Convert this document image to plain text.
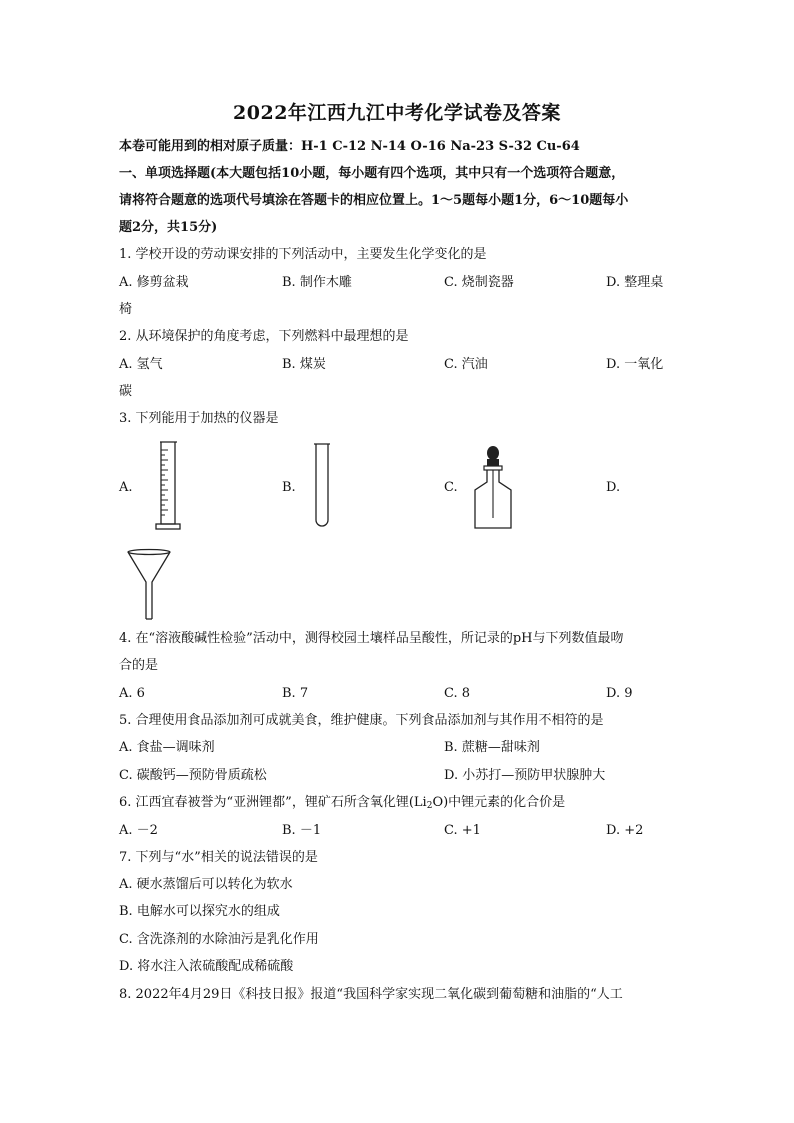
2022年江西九江中考化学试卷及答案
本卷可能用到的相对原子质量：H-1 C-12 N-14 O-16 Na-23 S-32 Cu-64
一、单项选择题(本大题包括10小题，每小题有四个选项，其中只有一个选项符合题意，
请将符合题意的选项代号填涂在答题卡的相应位置上。1～5题每小题1分，6～10题每小
题2分，共15分)
1. 学校开设的劳动课安排的下列活动中，主要发生化学变化的是
A. 修剪盆栽	B. 制作木雕	C. 烧制瓷器	D. 整理桌
椅
2. 从环境保护的角度考虑，下列燃料中最理想的是
A. 氢气	B. 煤炭	C. 汽油	D. 一氧化
碳
3. 下列能用于加热的仪器是
A.	B.	C.	D.
4. 在“溶液酸碱性检验”活动中，测得校园土壤样品呈酸性，所记录的pH与下列数值最吻
合的是
A. 6	B. 7	C. 8	D. 9
5. 合理使用食品添加剂可成就美食，维护健康。下列食品添加剂与其作用不相符的是
A. 食盐—调味剂	B. 蔗糖—甜味剂
C. 碳酸钙—预防骨质疏松	D. 小苏打—预防甲状腺肿大
6. 江西宜春被誉为“亚洲锂都”，锂矿石所含氧化锂$(Li_2O)$中锂元素的化合价是
A. －2	B. －1	C. +1	D. +2
7. 下列与“水”相关的说法错误的是
A. 硬水蒸馏后可以转化为软水
B. 电解水可以探究水的组成
C. 含洗涤剂的水除油污是乳化作用
D. 将水注入浓硫酸配成稀硫酸
8. 2022年4月29日《科技日报》报道“我国科学家实现二氧化碳到葡萄糖和油脂的“人工
